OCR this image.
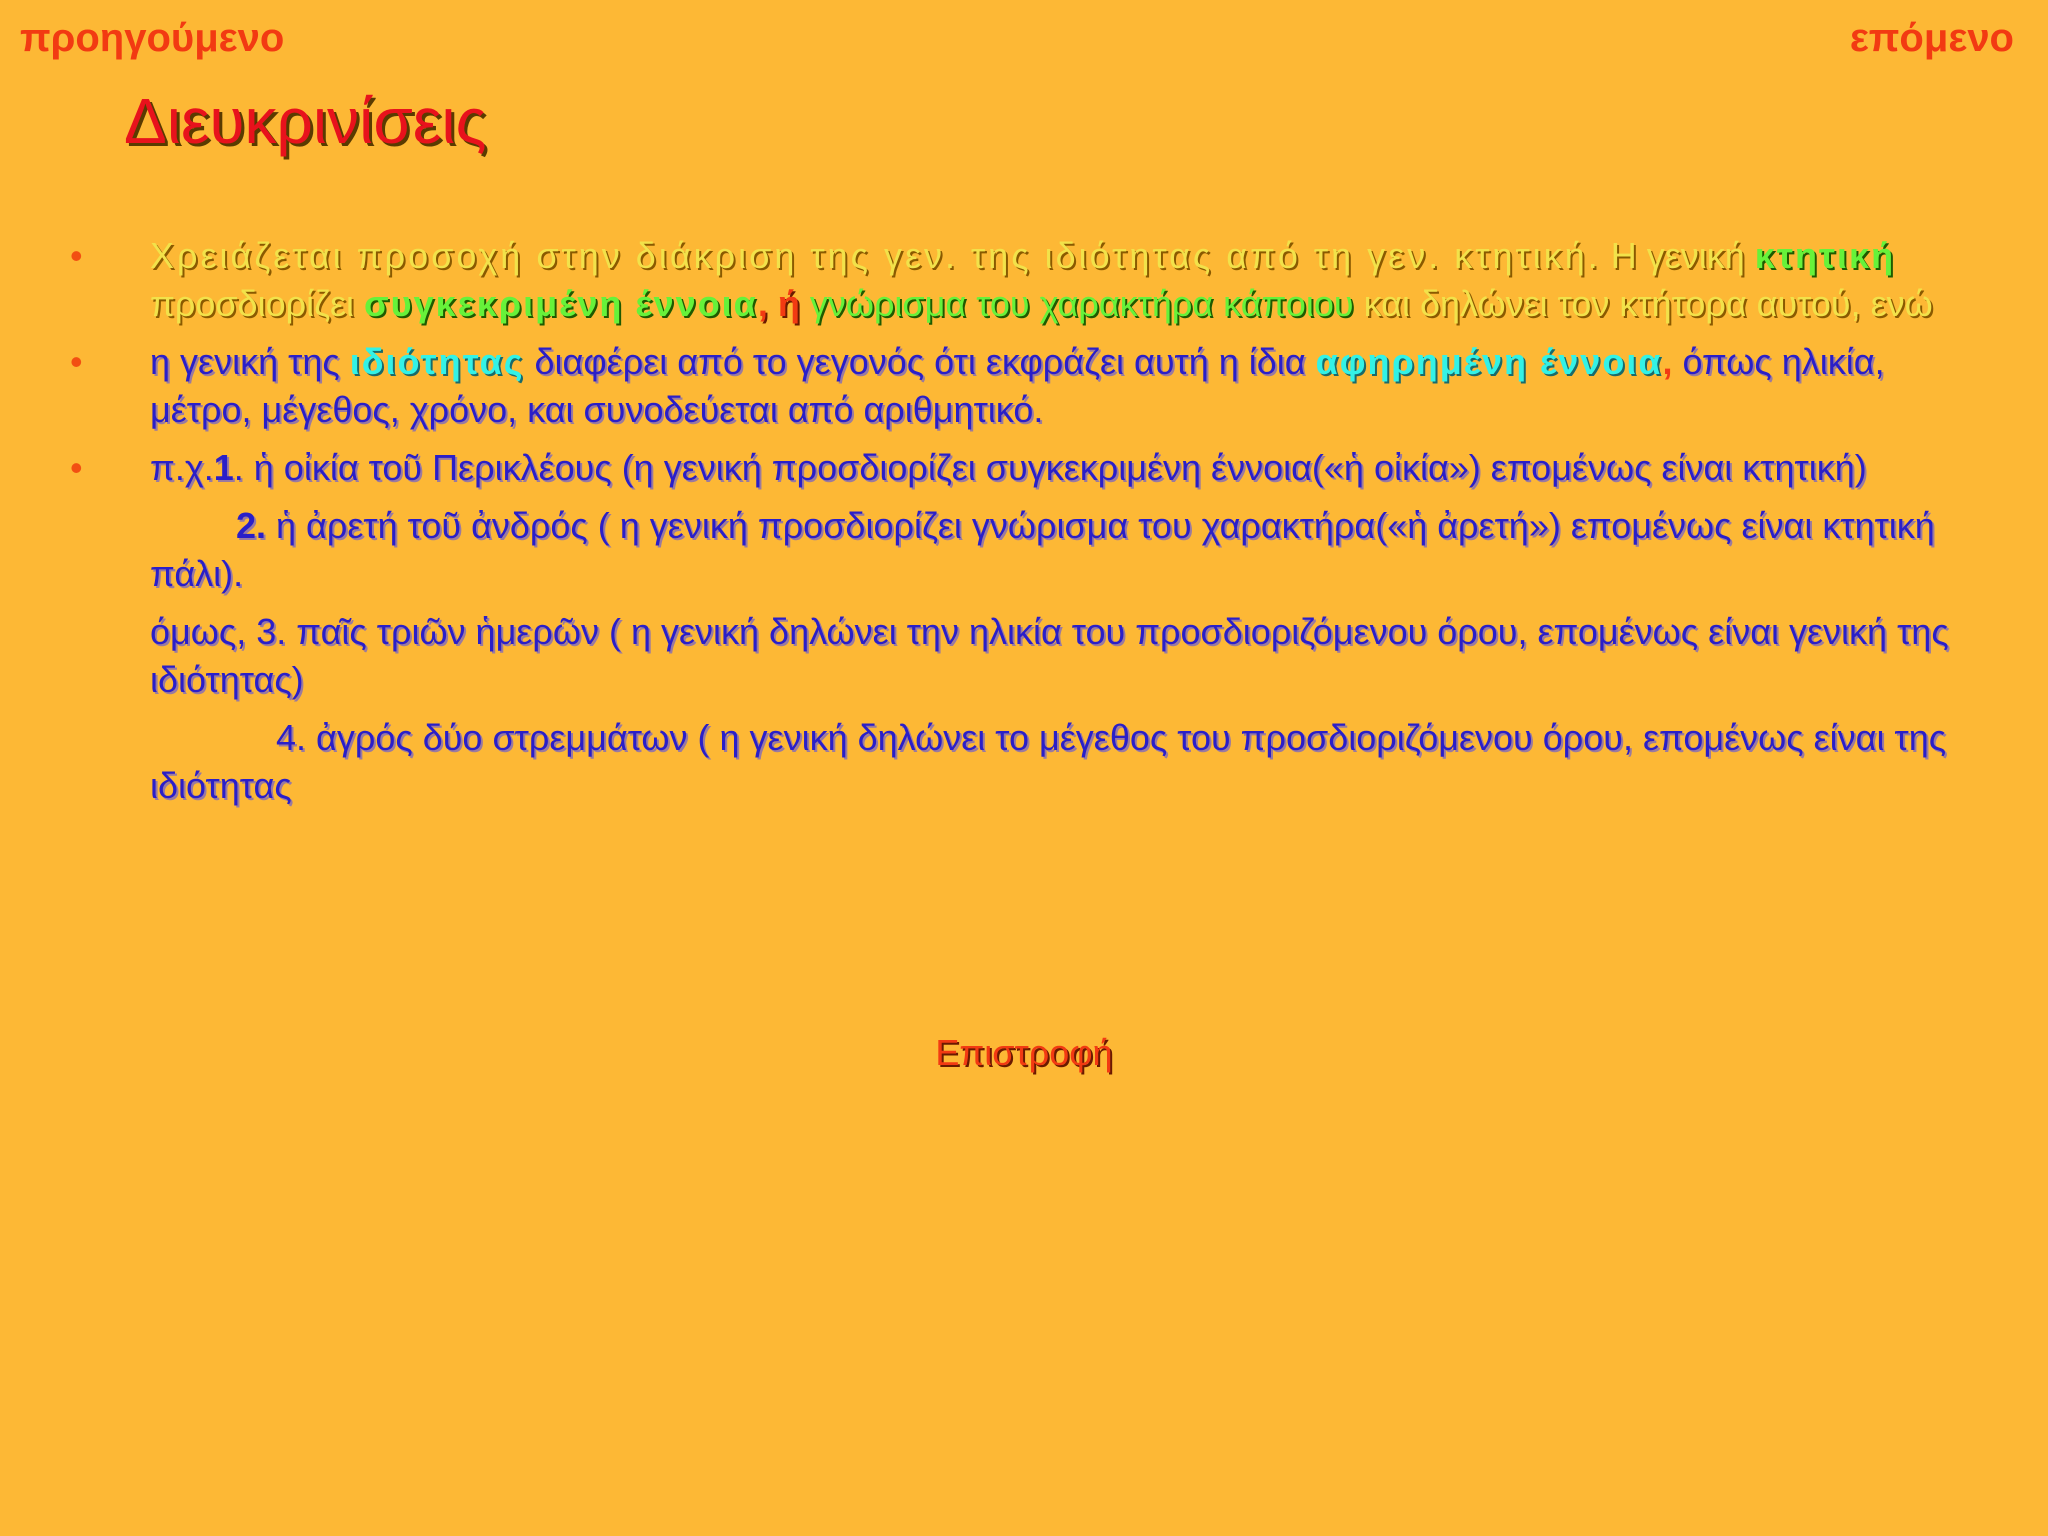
προηγούμενο	επόμενο
Διευκρινίσεις
• Χρειάζεται προσοχή στην διάκριση της γεν. της ιδιότητας από τη γεν. κτητική. Η γενική κτητική προσδιορίζει συγκεκριμένη έννοια, ή γνώρισμα του χαρακτήρα κάποιου και δηλώνει τον κτήτορα αυτού, ενώ
• η γενική της ιδιότητας διαφέρει από το γεγονός ότι εκφράζει αυτή η ίδια αφηρημένη έννοια, όπως ηλικία, μέτρο, μέγεθος, χρόνο, και συνοδεύεται από αριθμητικό.
• π.χ.1. ἡ οἰκία τοῦ Περικλέους (η γενική προσδιορίζει συγκεκριμένη έννοια(«ἡ οἰκία») επομένως είναι κτητική)
2. ἡ ἀρετή τοῦ ἀνδρός ( η γενική προσδιορίζει γνώρισμα του χαρακτήρα(«ἡ ἀρετή») επομένως είναι κτητική πάλι).
όμως, 3. παῖς τριῶν ἡμερῶν ( η γενική δηλώνει την ηλικία του προσδιοριζόμενου όρου, επομένως είναι γενική της ιδιότητας)
4. ἀγρός δύο στρεμμάτων ( η γενική δηλώνει το μέγεθος του προσδιοριζόμενου όρου, επομένως είναι της ιδιότητας
Επιστροφή
